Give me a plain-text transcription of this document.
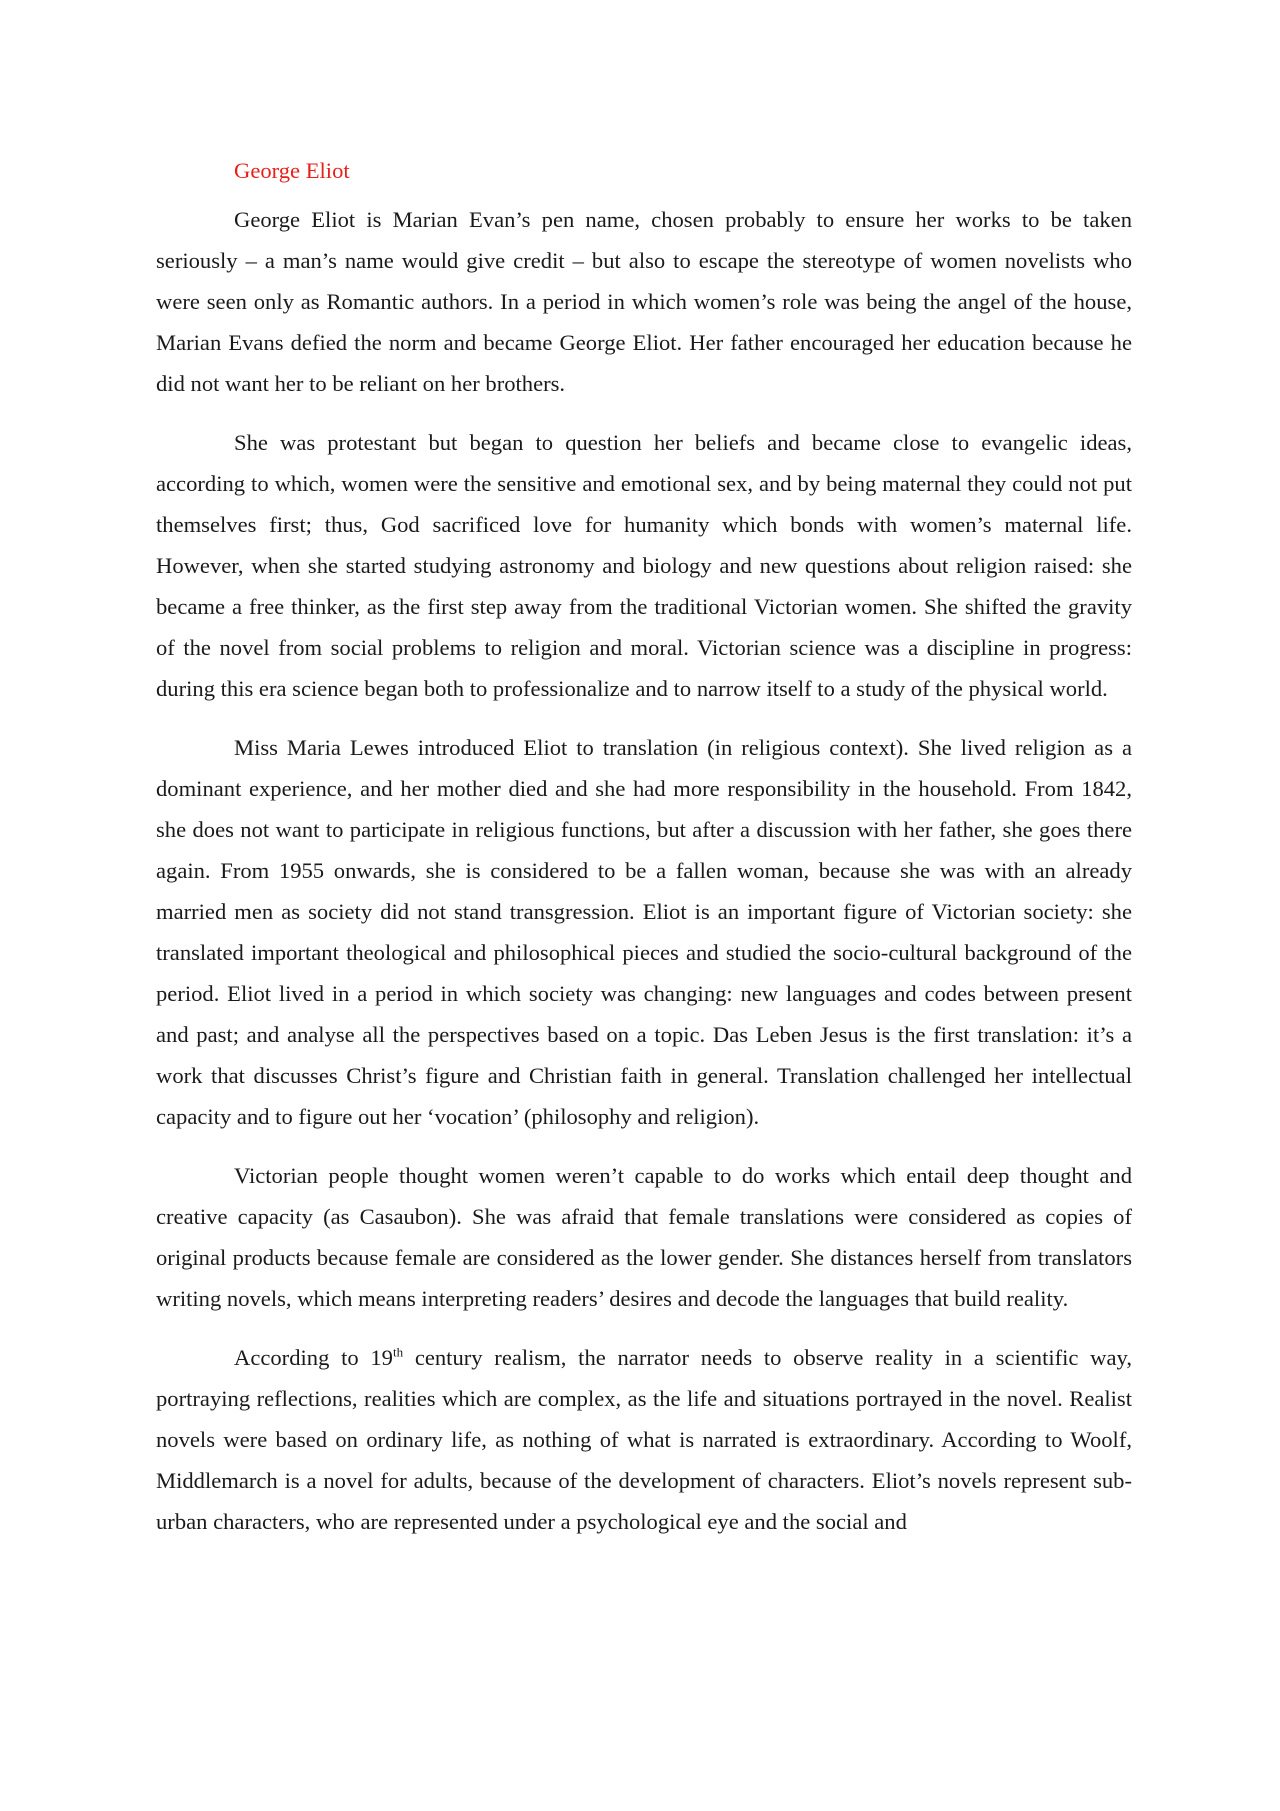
George Eliot

George Eliot is Marian Evan’s pen name, chosen probably to ensure her works to be taken seriously – a man’s name would give credit – but also to escape the stereotype of women novelists who were seen only as Romantic authors. In a period in which women’s role was being the angel of the house, Marian Evans defied the norm and became George Eliot. Her father encouraged her education because he did not want her to be reliant on her brothers.

She was protestant but began to question her beliefs and became close to evangelic ideas, according to which, women were the sensitive and emotional sex, and by being maternal they could not put themselves first; thus, God sacrificed love for humanity which bonds with women’s maternal life. However, when she started studying astronomy and biology and new questions about religion raised: she became a free thinker, as the first step away from the traditional Victorian women. She shifted the gravity of the novel from social problems to religion and moral. Victorian science was a discipline in progress: during this era science began both to professionalize and to narrow itself to a study of the physical world.

Miss Maria Lewes introduced Eliot to translation (in religious context). She lived religion as a dominant experience, and her mother died and she had more responsibility in the household. From 1842, she does not want to participate in religious functions, but after a discussion with her father, she goes there again. From 1955 onwards, she is considered to be a fallen woman, because she was with an already married men as society did not stand transgression. Eliot is an important figure of Victorian society: she translated important theological and philosophical pieces and studied the socio-cultural background of the period. Eliot lived in a period in which society was changing: new languages and codes between present and past; and analyse all the perspectives based on a topic. Das Leben Jesus is the first translation: it’s a work that discusses Christ’s figure and Christian faith in general. Translation challenged her intellectual capacity and to figure out her ‘vocation’ (philosophy and religion).

Victorian people thought women weren’t capable to do works which entail deep thought and creative capacity (as Casaubon). She was afraid that female translations were considered as copies of original products because female are considered as the lower gender. She distances herself from translators writing novels, which means interpreting readers’ desires and decode the languages that build reality.

According to 19th century realism, the narrator needs to observe reality in a scientific way, portraying reflections, realities which are complex, as the life and situations portrayed in the novel. Realist novels were based on ordinary life, as nothing of what is narrated is extraordinary. According to Woolf, Middlemarch is a novel for adults, because of the development of characters. Eliot’s novels represent sub-urban characters, who are represented under a psychological eye and the social and
